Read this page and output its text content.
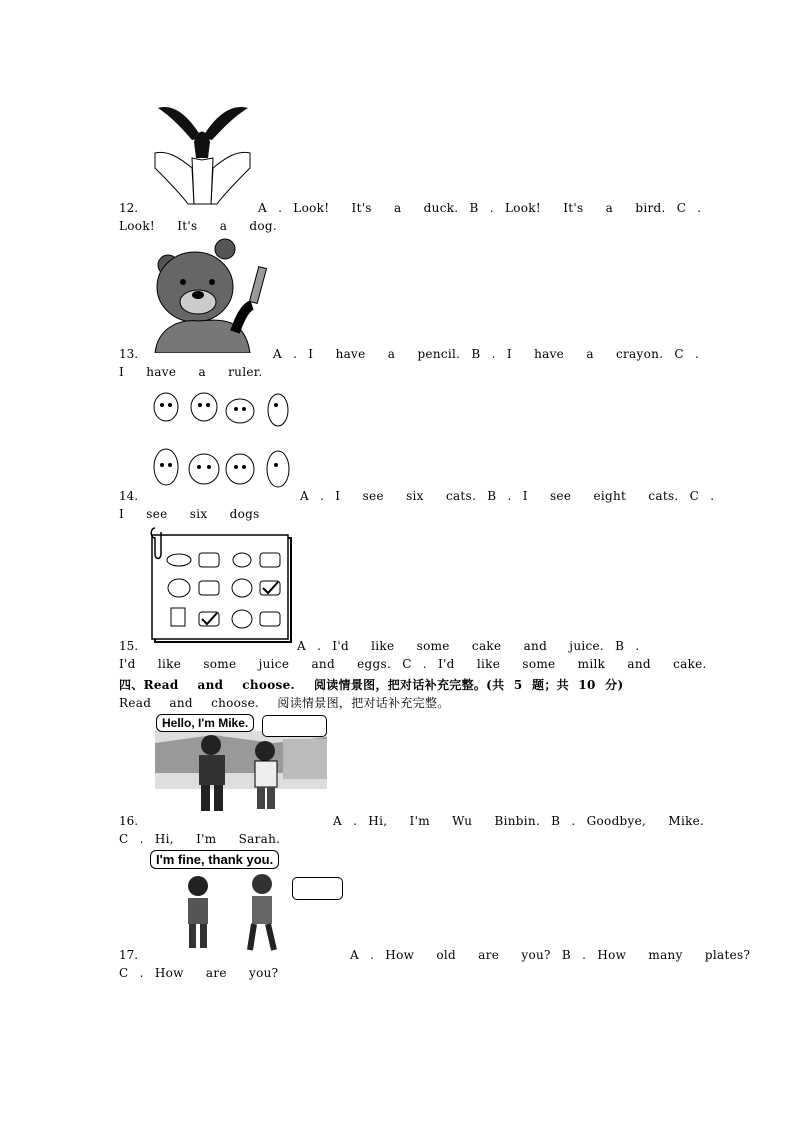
12.	A . Look!  It's  a  duck. B . Look!  It's  a  bird. C .
Look!  It's  a  dog.
13.	A . I  have  a  pencil. B . I  have  a  crayon. C .
I  have  a  ruler.
14.	A . I  see  six  cats. B . I  see  eight  cats. C .
I  see  six  dogs
15.	A . I'd  like  some  cake  and  juice. B .
I'd  like  some  juice  and  eggs. C . I'd  like  some  milk  and  cake.
四、Read  and  choose.  阅读情景图，把对话补充完整。(共 5 题；共 10 分)
Read  and  choose.  阅读情景图，把对话补充完整。
Hello, I'm Mike.
16.	A . Hi,  I'm  Wu  Binbin. B . Goodbye,  Mike.
C . Hi,  I'm  Sarah.
I'm fine, thank you.
17.	A . How  old  are  you? B . How  many  plates?
C . How  are  you?
